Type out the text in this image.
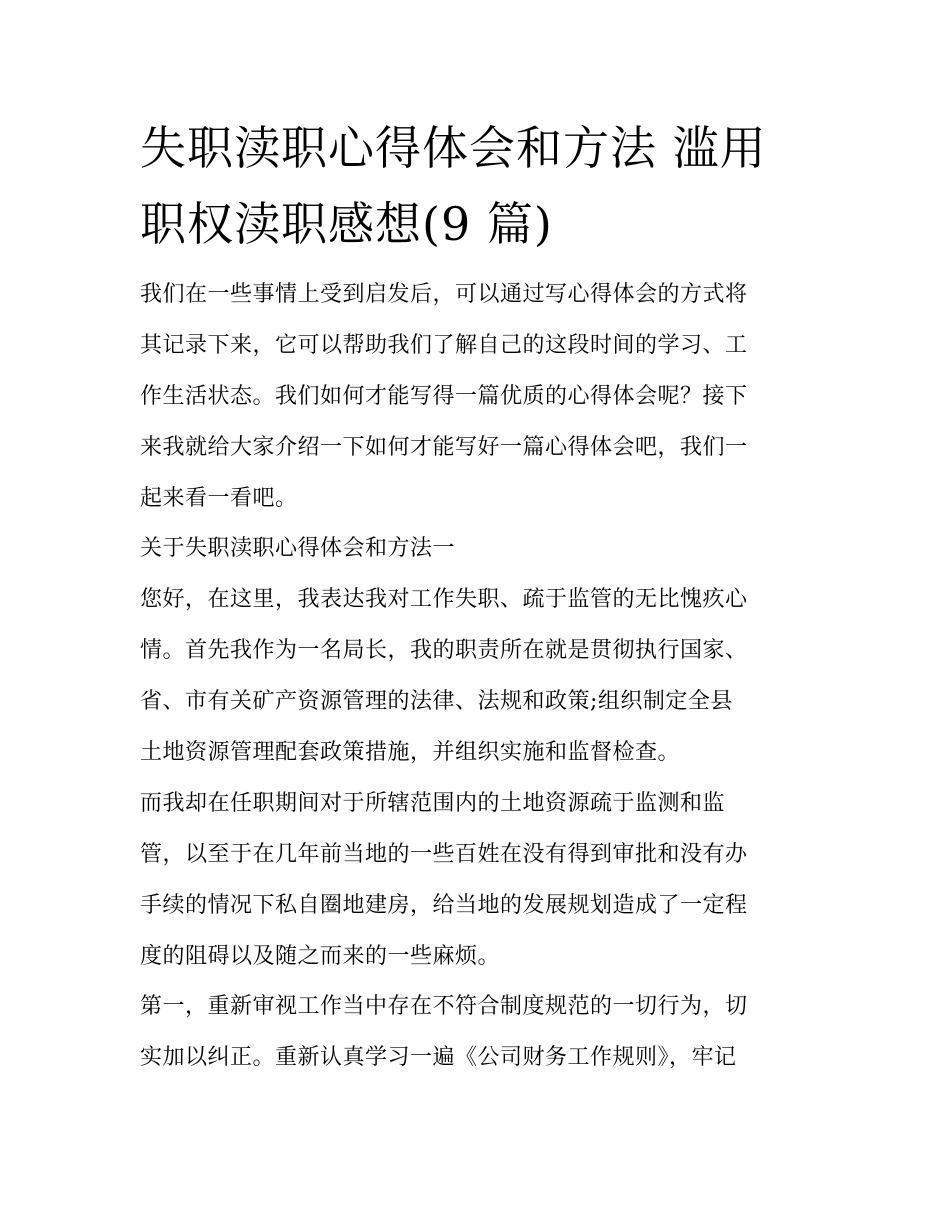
失职渎职心得体会和方法 滥用
职权渎职感想(9 篇)
我们在一些事情上受到启发后，可以通过写心得体会的方式将
其记录下来，它可以帮助我们了解自己的这段时间的学习、工
作生活状态。我们如何才能写得一篇优质的心得体会呢？接下
来我就给大家介绍一下如何才能写好一篇心得体会吧，我们一
起来看一看吧。
关于失职渎职心得体会和方法一
您好，在这里，我表达我对工作失职、疏于监管的无比愧疚心
情。首先我作为一名局长，我的职责所在就是贯彻执行国家、
省、市有关矿产资源管理的法律、法规和政策;组织制定全县
土地资源管理配套政策措施，并组织实施和监督检查。
而我却在任职期间对于所辖范围内的土地资源疏于监测和监
管，以至于在几年前当地的一些百姓在没有得到审批和没有办
手续的情况下私自圈地建房，给当地的发展规划造成了一定程
度的阻碍以及随之而来的一些麻烦。
第一，重新审视工作当中存在不符合制度规范的一切行为，切
实加以纠正。重新认真学习一遍《公司财务工作规则》，牢记
